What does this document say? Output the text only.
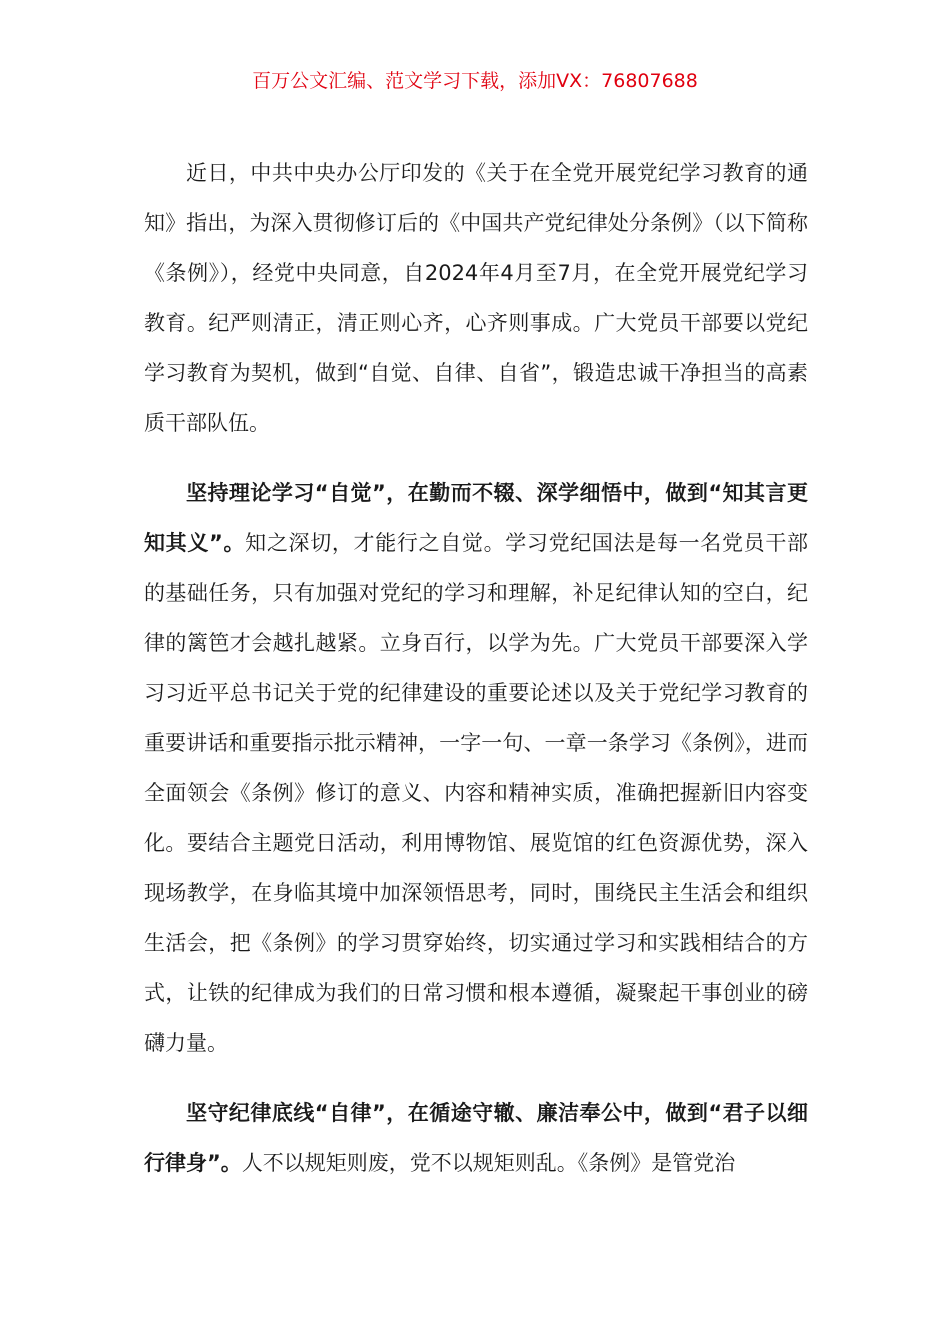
百万公文汇编、范文学习下载，添加VX：76807688

近日，中共中央办公厅印发的《关于在全党开展党纪学习教育的通知》指出，为深入贯彻修订后的《中国共产党纪律处分条例》（以下简称《条例》），经党中央同意，自2024年4月至7月，在全党开展党纪学习教育。纪严则清正，清正则心齐，心齐则事成。广大党员干部要以党纪学习教育为契机，做到“自觉、自律、自省”，锻造忠诚干净担当的高素质干部队伍。

坚持理论学习“自觉”，在勤而不辍、深学细悟中，做到“知其言更知其义”。知之深切，才能行之自觉。学习党纪国法是每一名党员干部的基础任务，只有加强对党纪的学习和理解，补足纪律认知的空白，纪律的篱笆才会越扎越紧。立身百行，以学为先。广大党员干部要深入学习习近平总书记关于党的纪律建设的重要论述以及关于党纪学习教育的重要讲话和重要指示批示精神，一字一句、一章一条学习《条例》，进而全面领会《条例》修订的意义、内容和精神实质，准确把握新旧内容变化。要结合主题党日活动，利用博物馆、展览馆的红色资源优势，深入现场教学，在身临其境中加深领悟思考，同时，围绕民主生活会和组织生活会，把《条例》的学习贯穿始终，切实通过学习和实践相结合的方式，让铁的纪律成为我们的日常习惯和根本遵循，凝聚起干事创业的磅礴力量。

坚守纪律底线“自律”，在循途守辙、廉洁奉公中，做到“君子以细行律身”。人不以规矩则废，党不以规矩则乱。《条例》是管党治
